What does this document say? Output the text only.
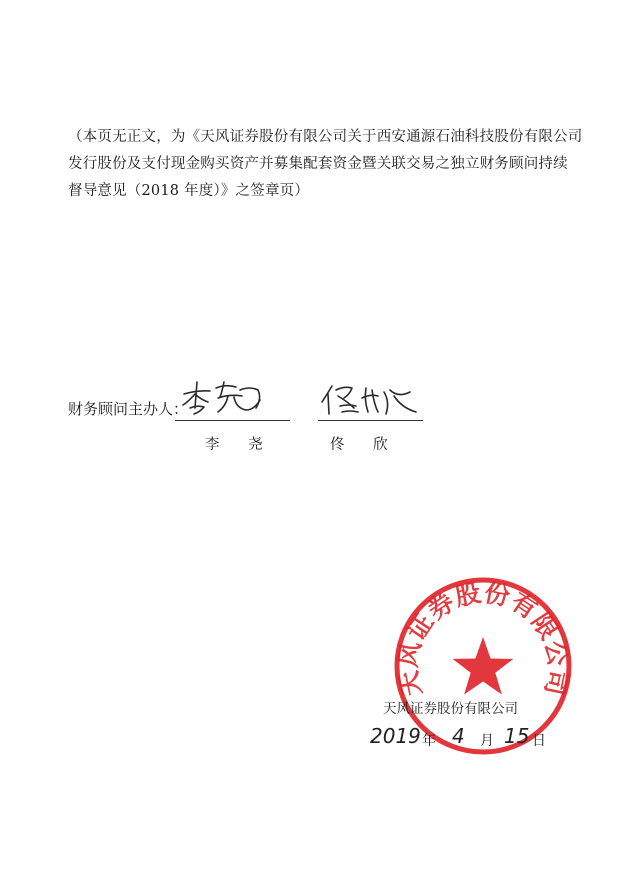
（本页无正文，为《天风证券股份有限公司关于西安通源石油科技股份有限公司
发行股份及支付现金购买资产并募集配套资金暨关联交易之独立财务顾问持续
督导意见（2018 年度）》之签章页）

财务顾问主办人：
李 尧	佟 欣
天风证券股份有限公司
天风证券股份有限公司
2019 年 4 月 15 日
